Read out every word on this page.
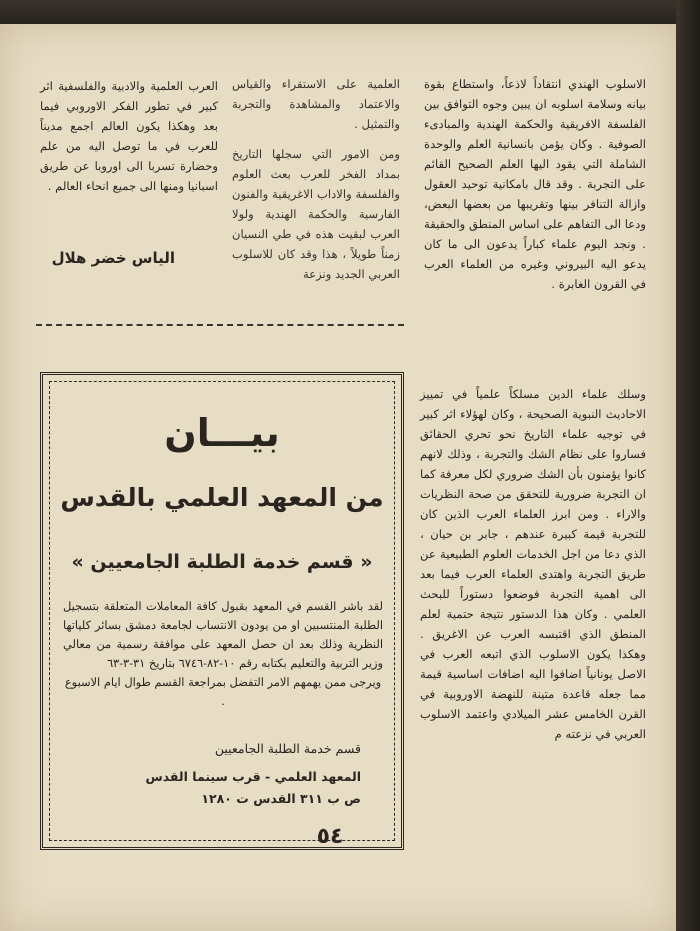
الاسلوب الهندي انتقاداً لاذعاً، واستطاع بقوة بيانه وسلامة اسلوبه ان يبين وجوه التوافق بين الفلسفة الافريقية والحكمة الهندية والمبادىء الصوفية . وكان يؤمن بانسانية العلم والوحدة الشاملة التي يقود اليها العلم الصحيح القائم على التجربة . وقد قال بامكانية توحيد العقول وازالة التنافر بينها وتقريبها من بعضها البعض، ودعا الى التفاهم على اساس المنطق والحقيقة . ونجد اليوم علماء كباراً يدعون الى ما كان يدعو اليه البيروني وغيره من العلماء العرب في القرون الغابرة .

العلمية على الاستقراء والقياس والاعتماد والمشاهدة والتجربة والتمثيل .

ومن الامور التي سجلها التاريخ بمداد الفخر للعرب بعث العلوم والفلسفة والاداب الاغريقية والفنون الفارسية والحكمة الهندية ولولا العرب لبقيت هذه في طي النسيان زمناً طويلاً ، هذا وقد كان للاسلوب العربي الجديد ونزعة

العرب العلمية والادبية والفلسفية اثر كبير في تطور الفكر الاوروبي فيما بعد وهكذا يكون العالم اجمع مديناً للعرب في ما توصل اليه من علم وحضارة تسربا الى اوروبا عن طريق اسبانيا ومنها الى جميع انحاء العالم .

الياس خضر هلال

وسلك علماء الدين مسلكاً علمياً في تمييز الاحاديث النبوية الصحيحة ، وكان لهؤلاء اثر كبير في توجيه علماء التاريخ نحو تحري الحقائق فساروا على نظام الشك والتجربة ، وذلك لانهم كانوا يؤمنون بأن الشك ضروري لكل معرفة كما ان التجربة ضرورية للتحقق من صحة النظريات والاراء . ومن ابرز العلماء العرب الذين كان للتجربة قيمة كبيرة عندهم ، جابر بن حيان ، الذي دعا من اجل الخدمات العلوم الطبيعية عن طريق التجربة واهتدى العلماء العرب فيما بعد الى اهمية التجربة فوضعوا دستوراً للبحث العلمي . وكان هذا الدستور نتيجة حتمية لعلم المنطق الذي اقتبسه العرب عن الاغريق . وهكذا يكون الاسلوب الذي اتبعه العرب في الاصل يونانياً اضافوا اليه اضافات اساسية قيمة مما جعله قاعدة متينة للنهضة الاوروبية في القرن الخامس عشر الميلادي واعتمد الاسلوب العربي في نزعته م

بيـــان
من المعهد العلمي بالقدس
« قسم خدمة الطلبة الجامعيين »

لقد باشر القسم في المعهد بقبول كافة المعاملات المتعلقة بتسجيل الطلبة المنتسبين او من يودون الانتساب لجامعة دمشق بسائر كلياتها النظرية وذلك بعد ان حصل المعهد على موافقة رسمية من معالي وزير التربية والتعليم بكتابه رقم ١٠-٨٢-٦٧٤٦ بتاريخ ٣١-٣-٦٣

ويرجى ممن يهمهم الامر التفضل بمراجعة القسم طوال ايام الاسبوع .

قسم خدمة الطلبة الجامعيين
المعهد العلمي - قرب سينما القدس
ص ب ٣١١ القدس ت ١٢٨٠
٥٤
